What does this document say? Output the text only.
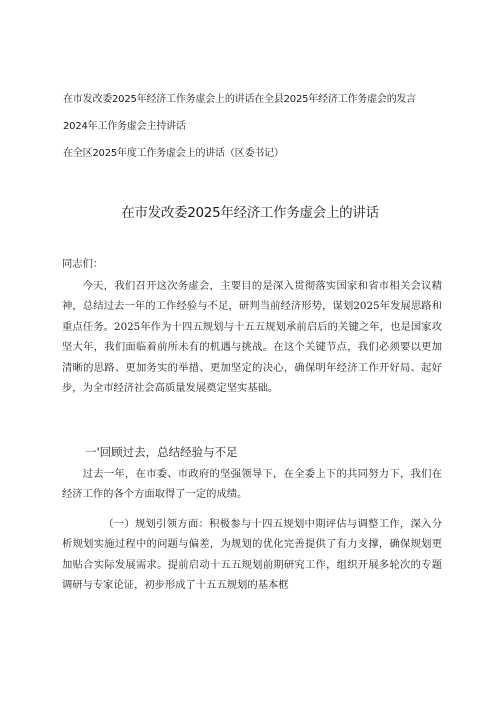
在市发改委2025年经济工作务虚会上的讲话在全县2025年经济工作务虚会的发言
2024年工作务虚会主持讲话
在全区2025年度工作务虚会上的讲话（区委书记）
在市发改委2025年经济工作务虚会上的讲话
同志们：
今天，我们召开这次务虚会，主要目的是深入贯彻落实国家和省市相关会议精神，总结过去一年的工作经验与不足，研判当前经济形势，谋划2025年发展思路和重点任务。2025年作为十四五规划与十五五规划承前启后的关键之年，也是国家攻坚大年，我们面临着前所未有的机遇与挑战。在这个关键节点，我们必须要以更加清晰的思路、更加务实的举措、更加坚定的决心，确保明年经济工作开好局、起好步，为全市经济社会高质量发展奠定坚实基础。
一'回顾过去，总结经验与不足
过去一年，在市委、市政府的坚强领导下，在全委上下的共同努力下，我们在经济工作的各个方面取得了一定的成绩。
（一）规划引领方面：积极参与十四五规划中期评估与调整工作，深入分析规划实施过程中的问题与偏差，为规划的优化完善提供了有力支撑，确保规划更加贴合实际发展需求。提前启动十五五规划前期研究工作，组织开展多轮次的专题调研与专家论证，初步形成了十五五规划的基本框
